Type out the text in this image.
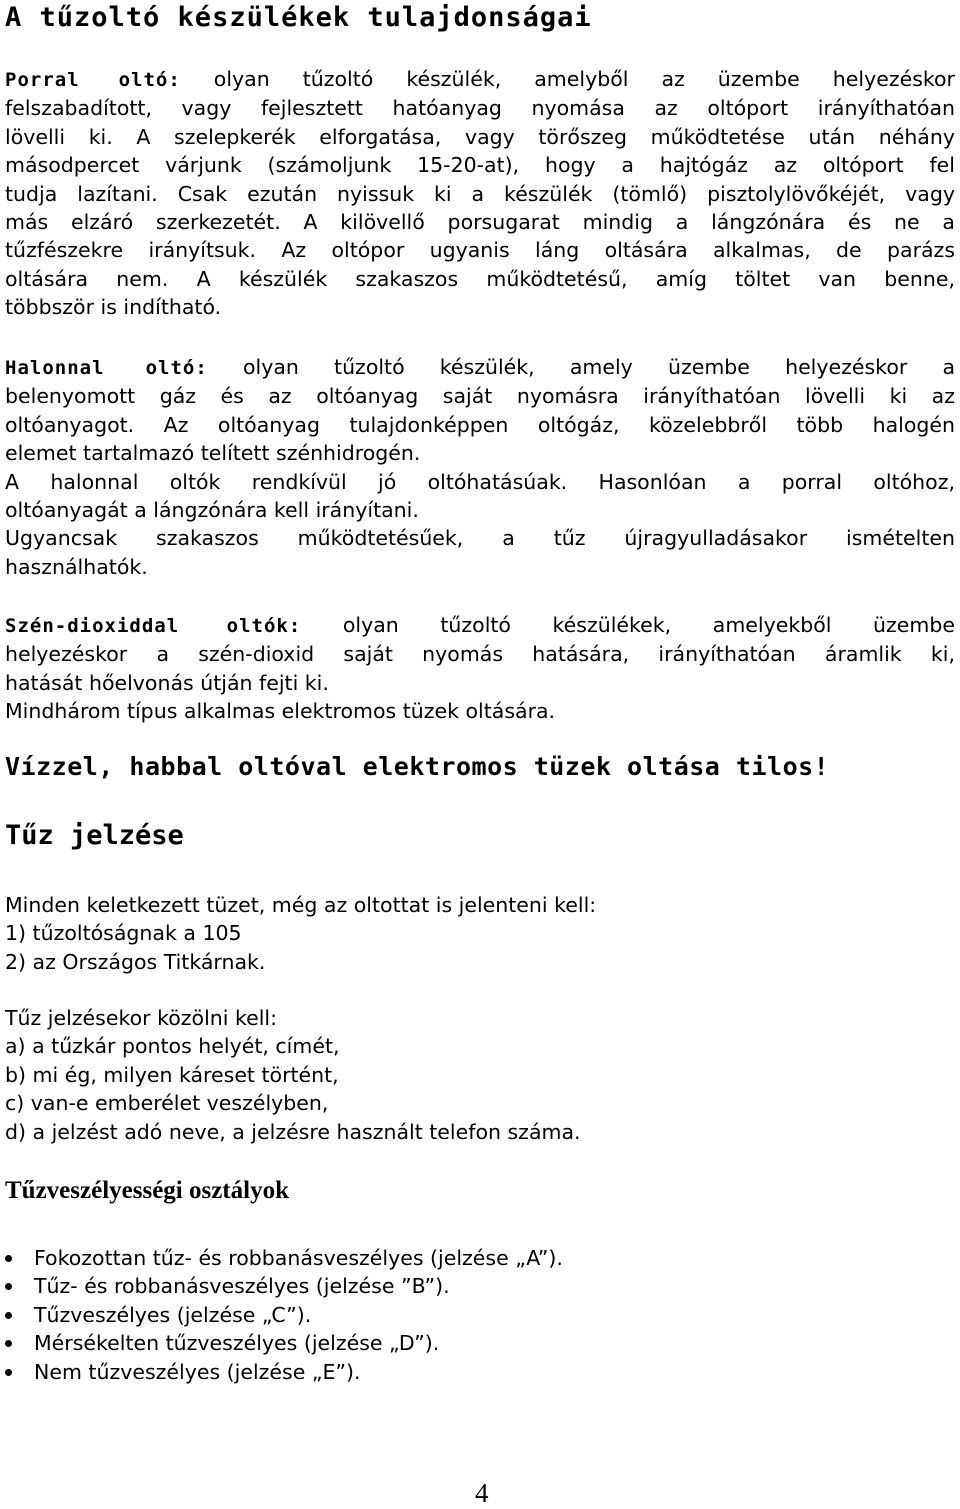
A tűzoltó készülékek tulajdonságai
Porral oltó: olyan tűzoltó készülék, amelyből az üzembe helyezéskor
felszabadított, vagy fejlesztett hatóanyag nyomása az oltóport irányíthatóan
lövelli ki. A szelepkerék elforgatása, vagy törőszeg működtetése után néhány
másodpercet várjunk (számoljunk 15-20-at), hogy a hajtógáz az oltóport fel
tudja lazítani. Csak ezután nyissuk ki a készülék (tömlő) pisztolylövőkéjét, vagy
más elzáró szerkezetét. A kilövellő porsugarat mindig a lángzónára és ne a
tűzfészekre irányítsuk. Az oltópor ugyanis láng oltására alkalmas, de parázs
oltására nem. A készülék szakaszos működtetésű, amíg töltet van benne,
többször is indítható.
Halonnal oltó: olyan tűzoltó készülék, amely üzembe helyezéskor a
belenyomott gáz és az oltóanyag saját nyomásra irányíthatóan lövelli ki az
oltóanyagot. Az oltóanyag tulajdonképpen oltógáz, közelebbről több halogén
elemet tartalmazó telített szénhidrogén.
A halonnal oltók rendkívül jó oltóhatásúak. Hasonlóan a porral oltóhoz,
oltóanyagát a lángzónára kell irányítani.
Ugyancsak szakaszos működtetésűek, a tűz újragyulladásakor ismételten
használhatók.
Szén-dioxiddal oltók: olyan tűzoltó készülékek, amelyekből üzembe
helyezéskor a szén-dioxid saját nyomás hatására, irányíthatóan áramlik ki,
hatását hőelvonás útján fejti ki.
Mindhárom típus alkalmas elektromos tüzek oltására.
Vízzel, habbal oltóval elektromos tüzek oltása tilos!
Tűz jelzése
Minden keletkezett tüzet, még az oltottat is jelenteni kell:
1) tűzoltóságnak a 105
2) az Országos Titkárnak.
Tűz jelzésekor közölni kell:
a) a tűzkár pontos helyét, címét,
b) mi ég, milyen káreset történt,
c) van-e emberélet veszélyben,
d) a jelzést adó neve, a jelzésre használt telefon száma.
Tűzveszélyességi osztályok
Fokozottan tűz- és robbanásveszélyes (jelzése „A”).
Tűz- és robbanásveszélyes (jelzése ”B”).
Tűzveszélyes (jelzése „C”).
Mérsékelten tűzveszélyes (jelzése „D”).
Nem tűzveszélyes (jelzése „E”).
4
